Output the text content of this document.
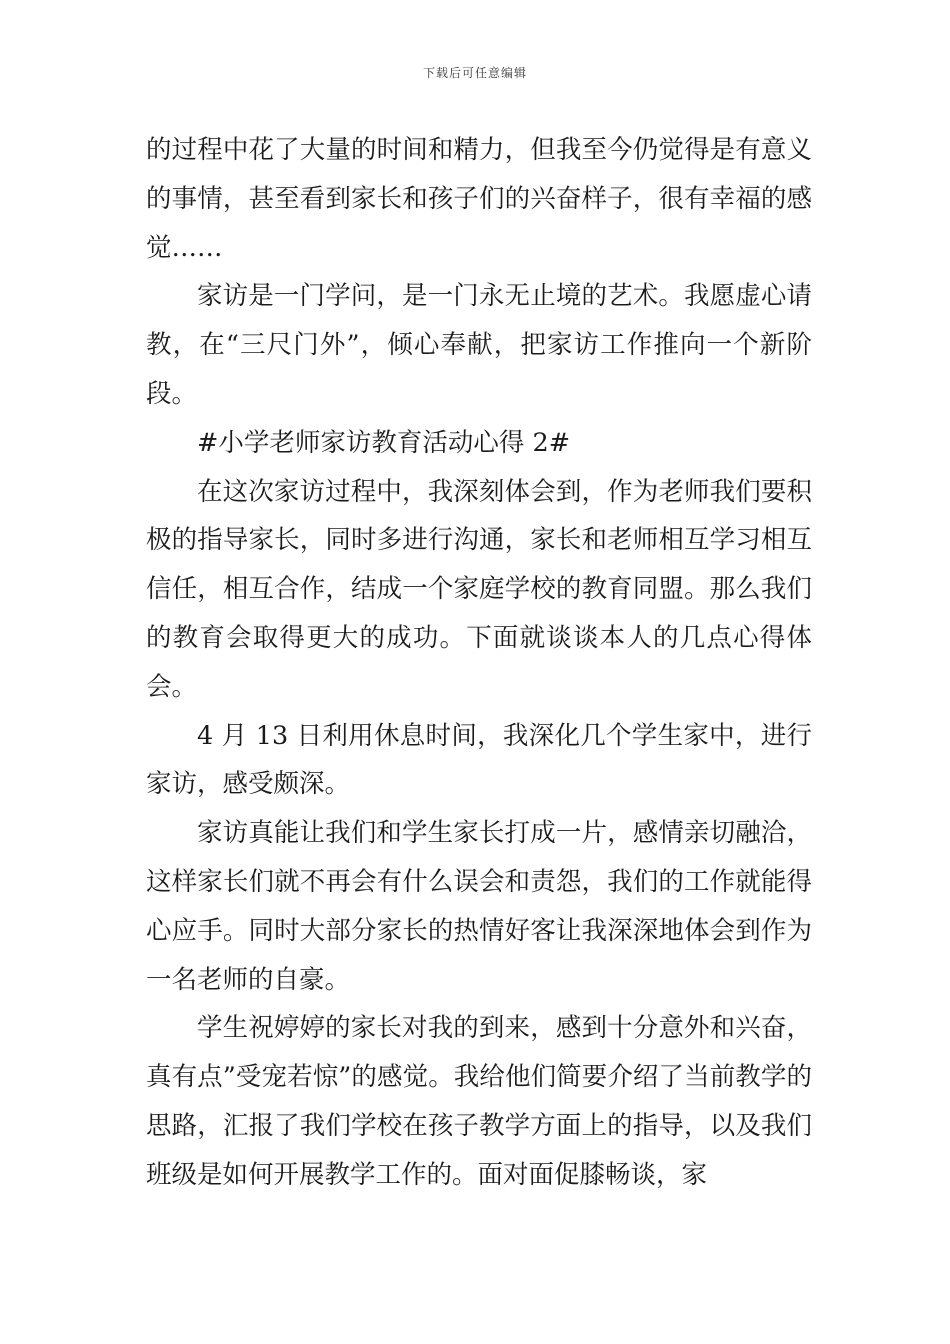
下载后可任意编辑

的过程中花了大量的时间和精力，但我至今仍觉得是有意义的事情，甚至看到家长和孩子们的兴奋样子，很有幸福的感觉……

家访是一门学问，是一门永无止境的艺术。我愿虚心请教，在“三尺门外”，倾心奉献，把家访工作推向一个新阶段。

#小学老师家访教育活动心得 2#

在这次家访过程中，我深刻体会到，作为老师我们要积极的指导家长，同时多进行沟通，家长和老师相互学习相互信任，相互合作，结成一个家庭学校的教育同盟。那么我们的教育会取得更大的成功。下面就谈谈本人的几点心得体会。

4 月 13 日利用休息时间，我深化几个学生家中，进行家访，感受颇深。

家访真能让我们和学生家长打成一片，感情亲切融洽，这样家长们就不再会有什么误会和责怨，我们的工作就能得心应手。同时大部分家长的热情好客让我深深地体会到作为一名老师的自豪。

学生祝婷婷的家长对我的到来，感到十分意外和兴奋，真有点”受宠若惊”的感觉。我给他们简要介绍了当前教学的思路，汇报了我们学校在孩子教学方面上的指导，以及我们班级是如何开展教学工作的。面对面促膝畅谈，家
